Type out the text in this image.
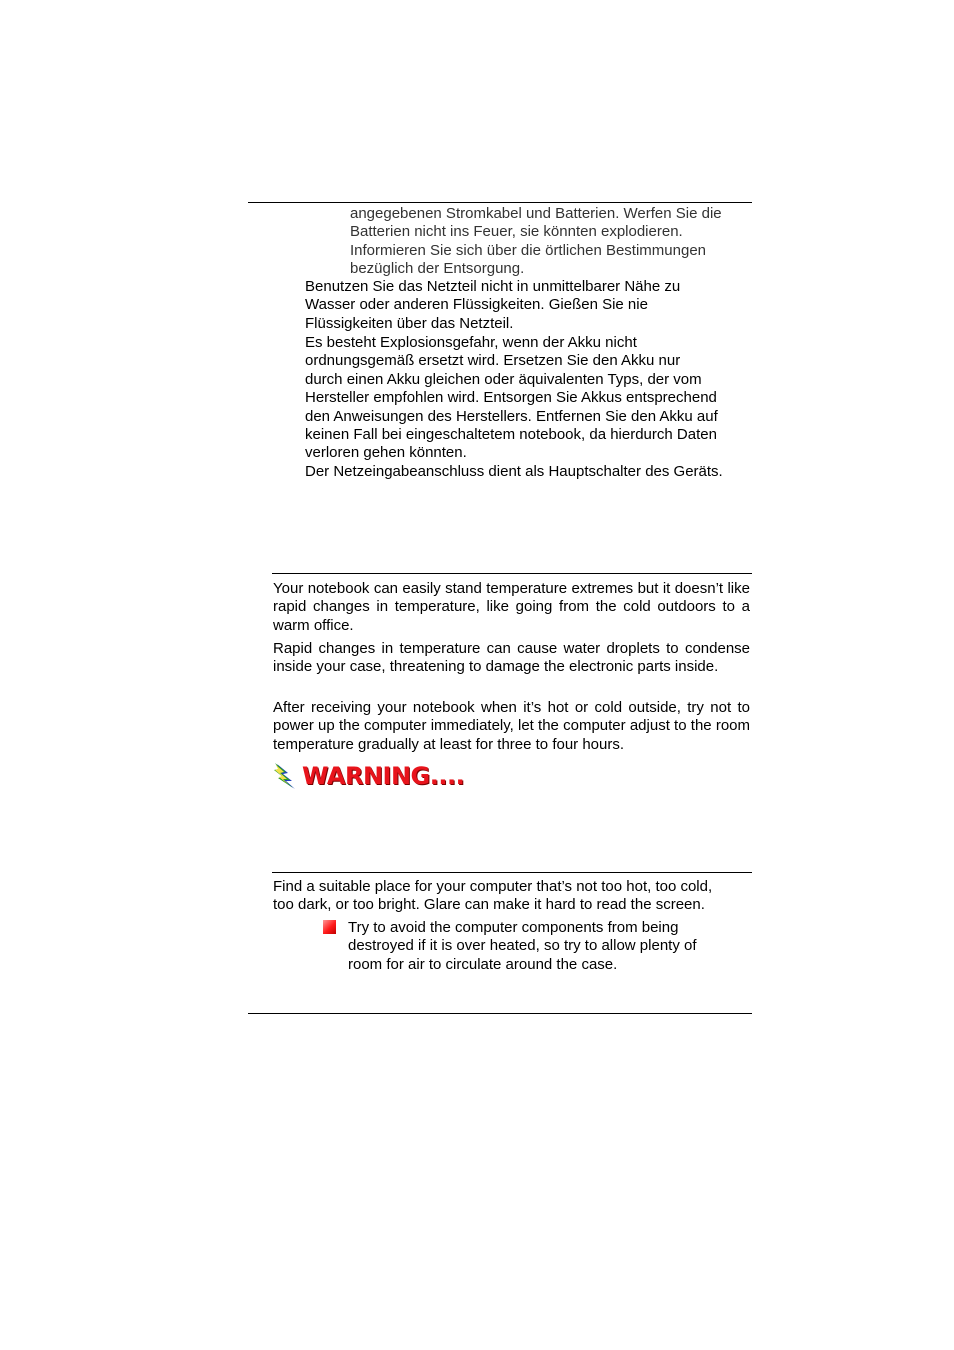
angegebenen Stromkabel und Batterien. Werfen Sie die
Batterien nicht ins Feuer, sie könnten explodieren.
Informieren Sie sich über die örtlichen Bestimmungen
bezüglich der Entsorgung.
Benutzen Sie das Netzteil nicht in unmittelbarer Nähe zu
Wasser oder anderen Flüssigkeiten. Gießen Sie nie
Flüssigkeiten über das Netzteil.
Es besteht Explosionsgefahr, wenn der Akku nicht
ordnungsgemäß ersetzt wird. Ersetzen Sie den Akku nur
durch einen Akku gleichen oder äquivalenten Typs, der vom
Hersteller empfohlen wird. Entsorgen Sie Akkus entsprechend
den Anweisungen des Herstellers. Entfernen Sie den Akku auf
keinen Fall bei eingeschaltetem notebook, da hierdurch Daten
verloren gehen könnten.
Der Netzeingabeanschluss dient als Hauptschalter des Geräts.

Your notebook can easily stand temperature extremes but it doesn’t like rapid changes in temperature, like going from the cold outdoors to a warm office.

Rapid changes in temperature can cause water droplets to condense inside your case, threatening to damage the electronic parts inside.

After receiving your notebook when it’s hot or cold outside, try not to power up the computer immediately, let the computer adjust to the room temperature gradually at least for three to four hours.

WARNING....
Find a suitable place for your computer that’s not too hot, too cold,
too dark, or too bright. Glare can make it hard to read the screen.
Try to avoid the computer components from being
destroyed if it is over heated, so try to allow plenty of
room for air to circulate around the case.
